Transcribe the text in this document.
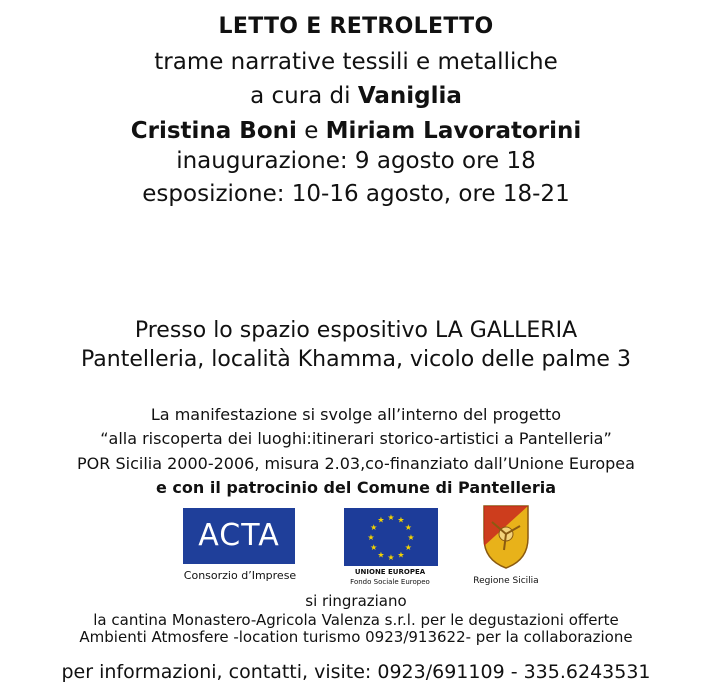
LETTO E RETROLETTO
trame narrative tessili e metalliche
a cura di Vaniglia
Cristina Boni e Miriam Lavoratorini
inaugurazione: 9 agosto ore 18
esposizione: 10-16 agosto, ore 18-21
Presso lo spazio espositivo LA GALLERIA
Pantelleria, località Khamma, vicolo delle palme 3
La manifestazione si svolge all’interno del progetto
“alla riscoperta dei luoghi:itinerari storico-artistici a Pantelleria”
POR Sicilia 2000-2006, misura 2.03,co-finanziato dall’Unione Europea
e con il patrocinio del Comune di Pantelleria
ACTA
Consorzio d’Imprese
★ ★
★
★
★
★
★
★
★
★
★
★
UNIONE EUROPEA
Fondo Sociale Europeo	Regione Sicilia
si ringraziano
la cantina Monastero-Agricola Valenza s.r.l. per le degustazioni offerte
Ambienti Atmosfere -location turismo 0923/913622- per la collaborazione
per informazioni, contatti, visite: 0923/691109 - 335.6243531
